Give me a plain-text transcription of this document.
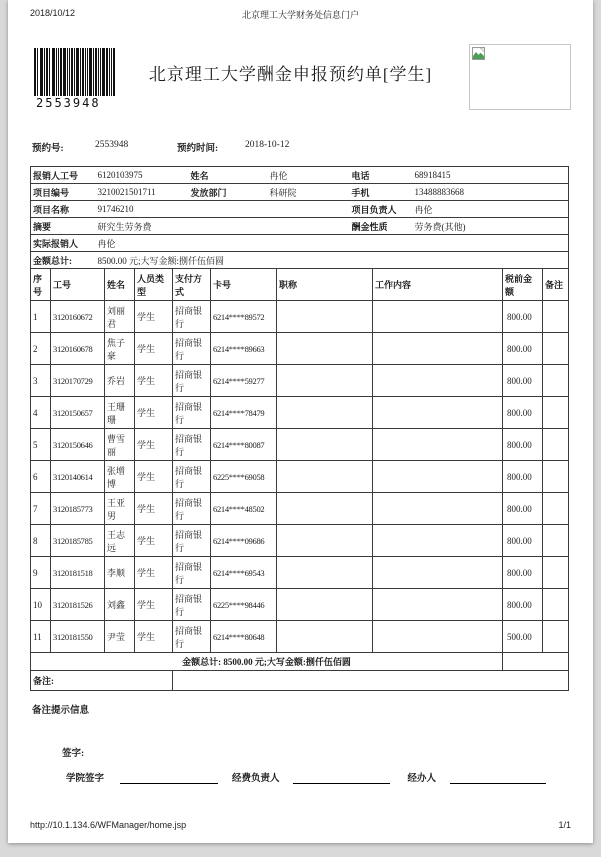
2018/10/12	北京理工大学财务处信息门户
2553948
北京理工大学酬金申报预约单[学生]
预约号:	2553948	预约时间:	2018-10-12
报销人工号	6120103975	姓名	冉伦	电话	68918415
项目编号	3210021501711	发放部门	科研院	手机	13488883668
项目名称	91746210			项目负责人	冉伦
摘要	研究生劳务费			酬金性质	劳务费(其他)
实际报销人	冉伦				
金额总计:	8500.00 元;大写金额:捌仟伍佰圆				
序号	工号	姓名	人员类型	支付方式	卡号	职称	工作内容	税前金额	备注
1	3120160672	刘丽君	学生	招商银行	6214****89572			800.00	
2	3120160678	焦子豪	学生	招商银行	6214****89663			800.00	
3	3120170729	乔岩	学生	招商银行	6214****59277			800.00	
4	3120150657	王珊珊	学生	招商银行	6214****78479			800.00	
5	3120150646	曹雪丽	学生	招商银行	6214****80087			800.00	
6	3120140614	张增博	学生	招商银行	6225****69058			800.00	
7	3120185773	王亚男	学生	招商银行	6214****48502			800.00	
8	3120185785	王志远	学生	招商银行	6214****09686			800.00	
9	3120181518	李顺	学生	招商银行	6214****69543			800.00	
10	3120181526	刘鑫	学生	招商银行	6225****98446			800.00	
11	3120181550	尹莹	学生	招商银行	6214****80648			500.00	
金额总计: 8500.00 元;大写金额:捌仟伍佰圆									
备注:									
备注提示信息
签字:
学院签字	经费负责人	经办人
http://10.1.134.6/WFManager/home.jsp	1/1
